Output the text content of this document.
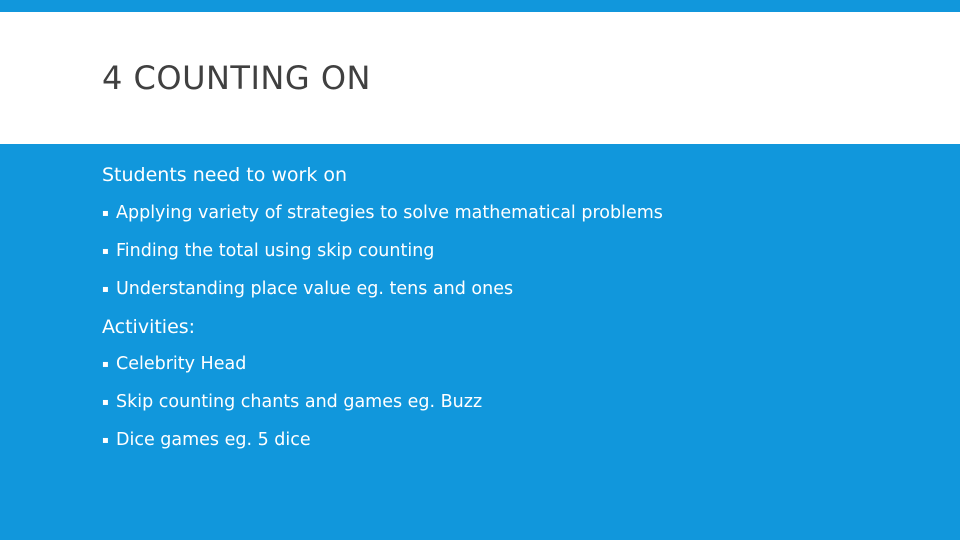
4 COUNTING ON
Students need to work on
▪ Applying variety of strategies to solve mathematical problems
▪ Finding the total using skip counting
▪ Understanding place value eg. tens and ones
Activities:
▪ Celebrity Head
▪ Skip counting chants and games eg. Buzz
▪ Dice games eg. 5 dice
